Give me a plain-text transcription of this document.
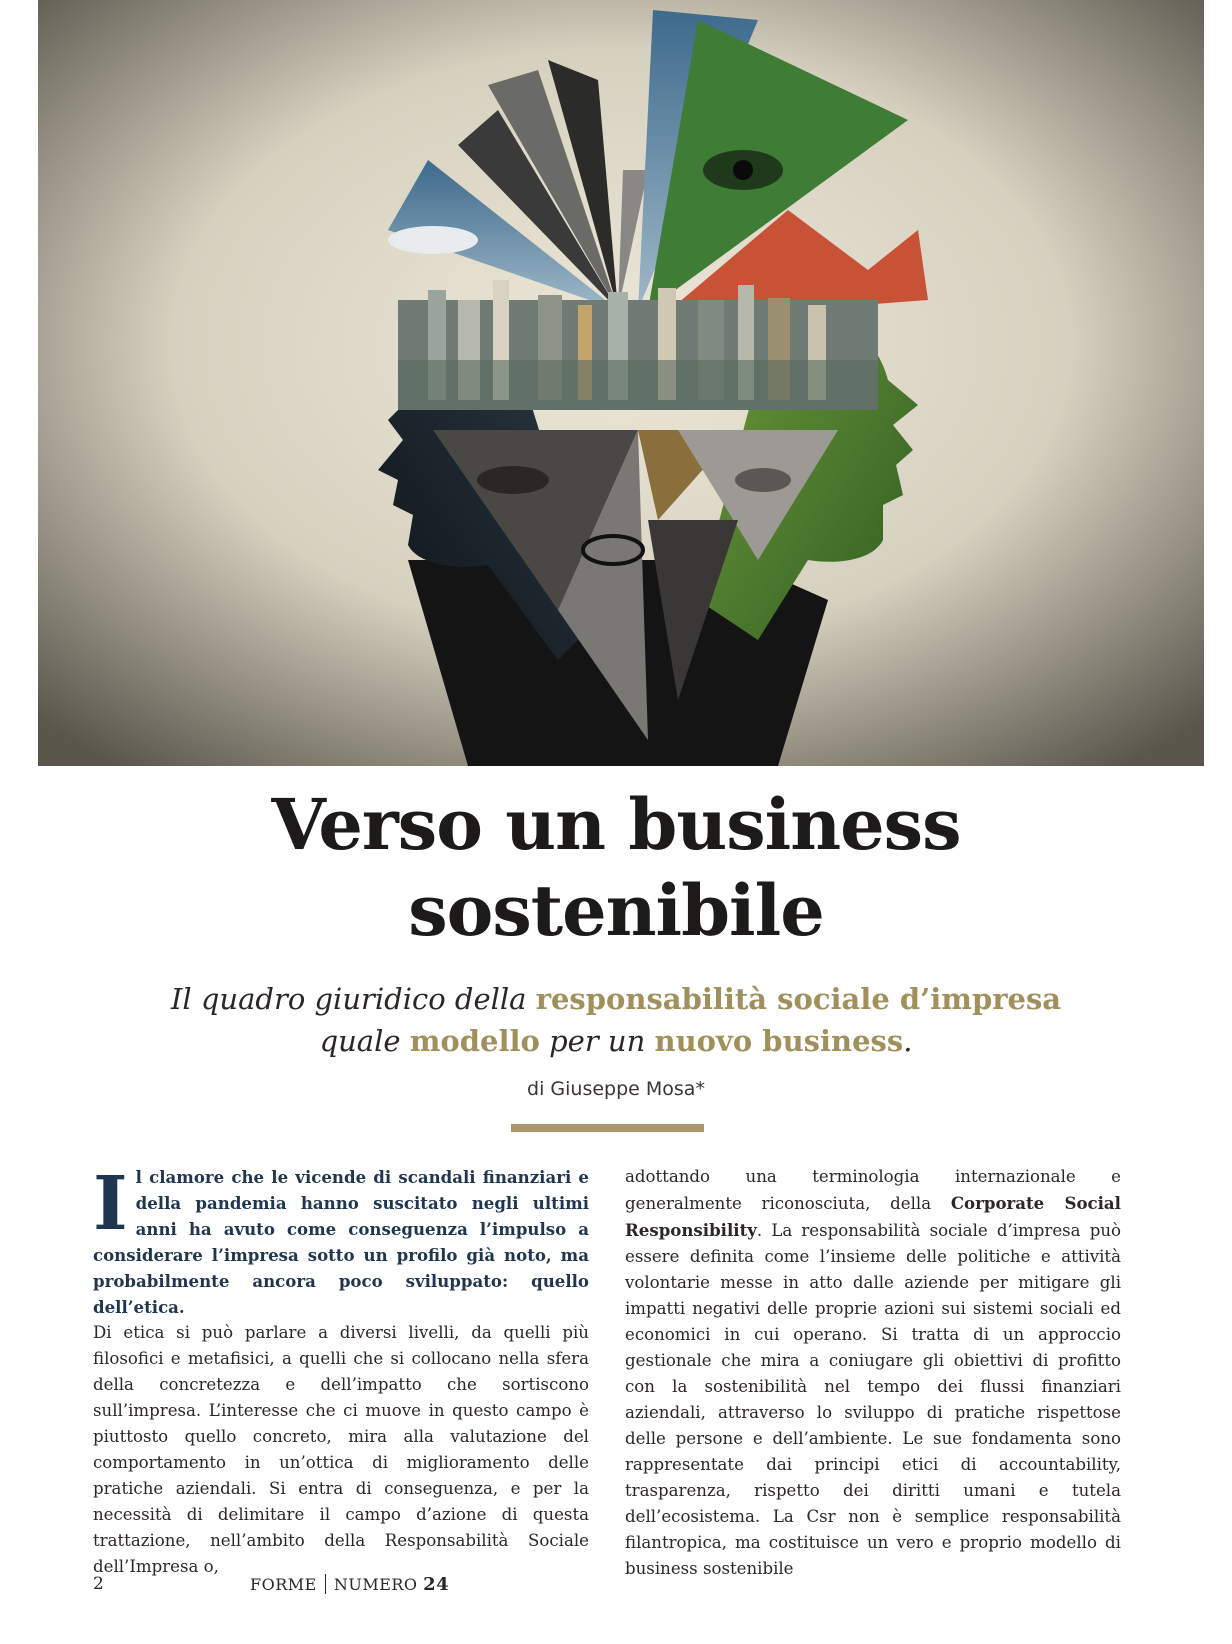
Verso un business
sostenibile
Il quadro giuridico della responsabilità sociale d’impresa
quale modello per un nuovo business.
di Giuseppe Mosa*

Il clamore che le vicende di scandali finanziari e della pandemia hanno suscitato negli ultimi anni ha avuto come conseguenza l’impulso a considerare l’impresa sotto un profilo già noto, ma probabilmente ancora poco sviluppato: quello dell’etica.

Di etica si può parlare a diversi livelli, da quelli più filosofici e metafisici, a quelli che si collocano nella sfera della concretezza e dell’impatto che sortiscono sull’impresa. L’interesse che ci muove in questo campo è piuttosto quello concreto, mira alla valutazione del comportamento in un’ottica di miglioramento delle pratiche aziendali. Si entra di conseguenza, e per la necessità di delimitare il campo d’azione di questa trattazione, nell’ambito della Responsabilità Sociale dell’Impresa o,

adottando una terminologia internazionale e generalmente riconosciuta, della Corporate Social Responsibility. La responsabilità sociale d’impresa può essere definita come l’insieme delle politiche e attività volontarie messe in atto dalle aziende per mitigare gli impatti negativi delle proprie azioni sui sistemi sociali ed economici in cui operano. Si tratta di un approccio gestionale che mira a coniugare gli obiettivi di profitto con la sostenibilità nel tempo dei flussi finanziari aziendali, attraverso lo sviluppo di pratiche rispettose delle persone e dell’ambiente. Le sue fondamenta sono rappresentate dai principi etici di accountability, trasparenza, rispetto dei diritti umani e tutela dell’ecosistema. La Csr non è semplice responsabilità filantropica, ma costituisce un vero e proprio modello di business sostenibile

2	FORME NUMERO 24
